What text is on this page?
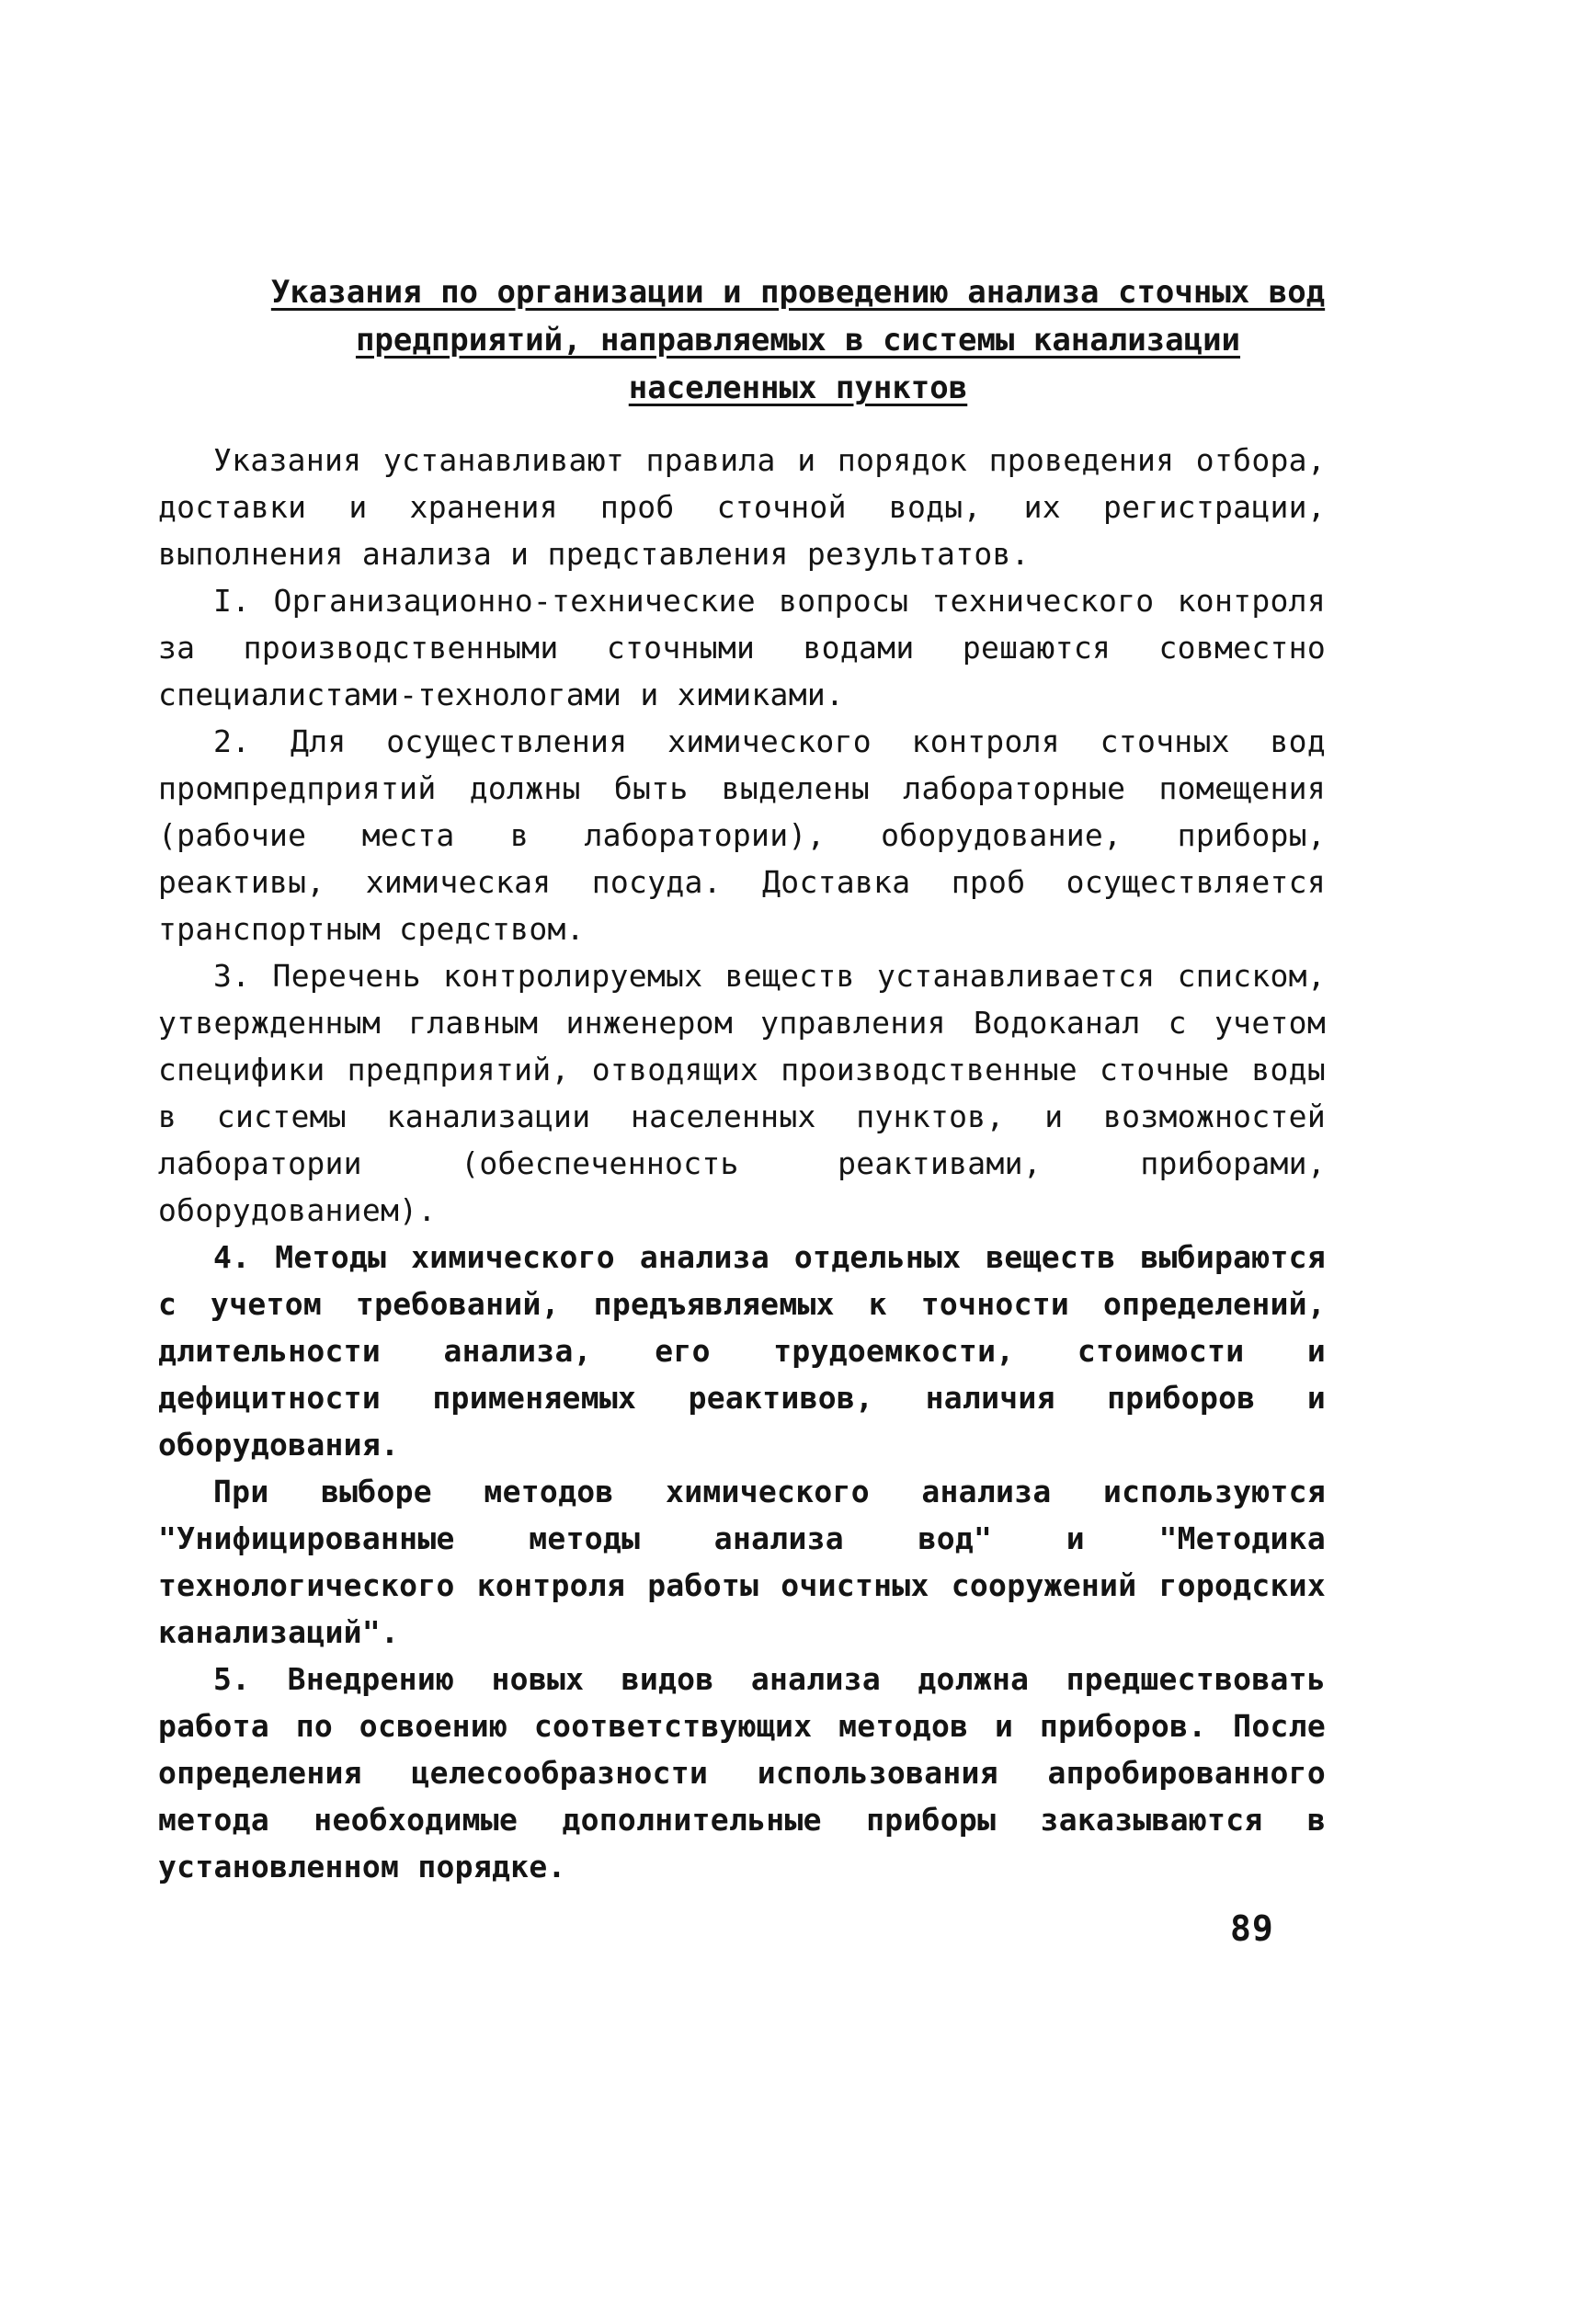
Указания по организации и проведению анализа сточных вод
предприятий, направляемых в системы канализации
населенных пунктов

Указания устанавливают правила и порядок проведения отбора, доставки и хранения проб сточной воды, их регистрации, выполнения анализа и представления результатов.

I. Организационно-технические вопросы технического контроля за производственными сточными водами решаются совместно специалистами-технологами и химиками.

2. Для осуществления химического контроля сточных вод промпредприятий должны быть выделены лабораторные помещения (рабочие места в лаборатории), оборудование, приборы, реактивы, химическая посуда. Доставка проб осуществляется транспортным средством.

3. Перечень контролируемых веществ устанавливается списком, утвержденным главным инженером управления Водоканал с учетом специфики предприятий, отводящих производственные сточные воды в системы канализации населенных пунктов, и возможностей лаборатории (обеспеченность реактивами, приборами, оборудованием).

4. Методы химического анализа отдельных веществ выбираются с учетом требований, предъявляемых к точности определений, длительности анализа, его трудоемкости, стоимости и дефицитности применяемых реактивов, наличия приборов и оборудования.

При выборе методов химического анализа используются "Унифицированные методы анализа вод" и "Методика технологического контроля работы очистных сооружений городских канализаций".

5. Внедрению новых видов анализа должна предшествовать работа по освоению соответствующих методов и приборов. После определения целесообразности использования апробированного метода необходимые дополнительные приборы заказываются в установленном порядке.

89
